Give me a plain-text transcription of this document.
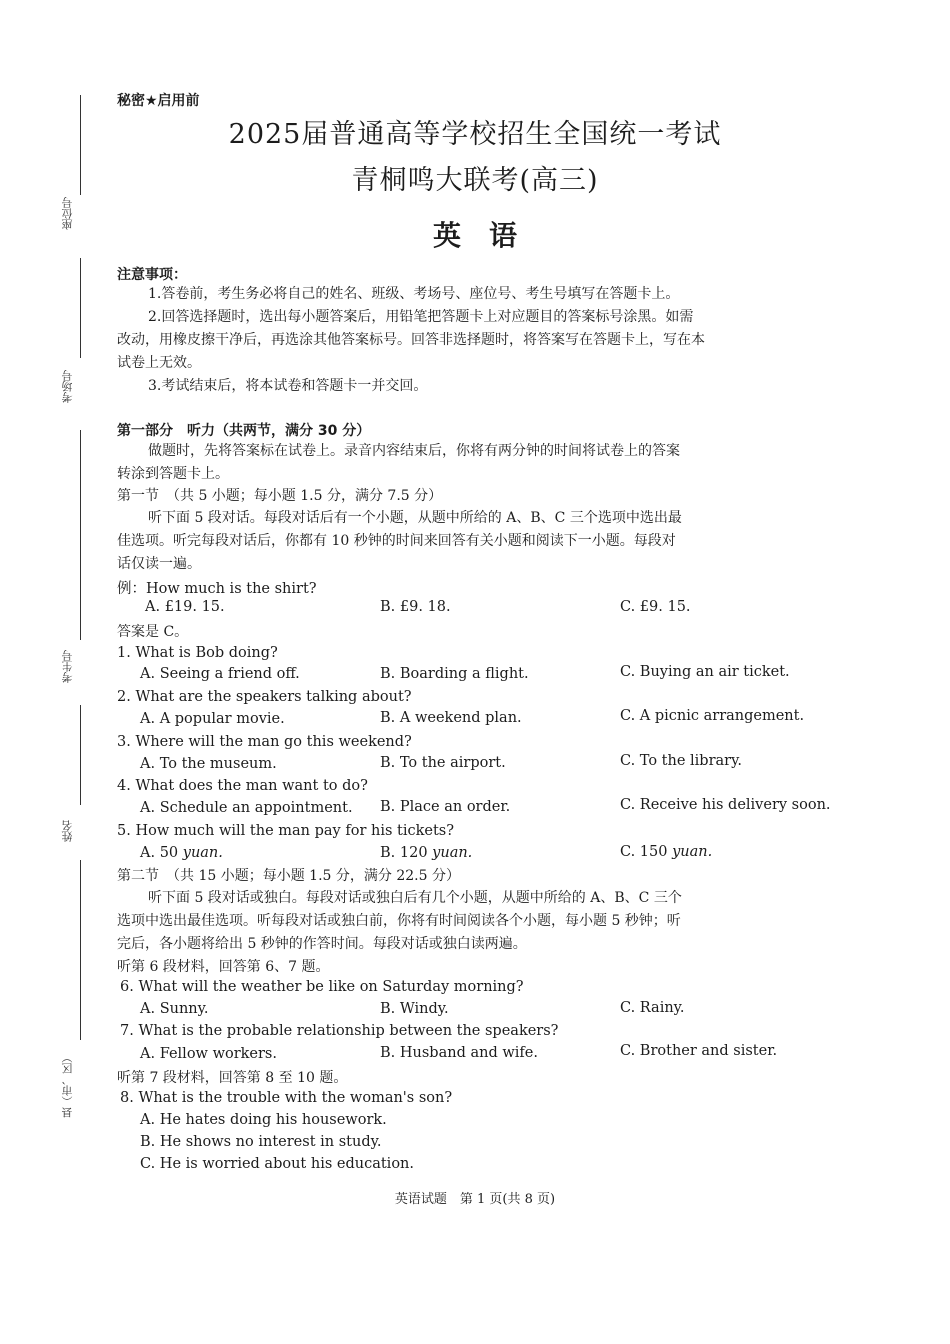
座位号
考场号
考生号
姓名
县（市、区）
秘密★启用前
2025届普通高等学校招生全国统一考试
青桐鸣大联考(高三)
英语
注意事项：
1.答卷前，考生务必将自己的姓名、班级、考场号、座位号、考生号填写在答题卡上。
2.回答选择题时，选出每小题答案后，用铅笔把答题卡上对应题目的答案标号涂黑。如需
改动，用橡皮擦干净后，再选涂其他答案标号。回答非选择题时，将答案写在答题卡上，写在本
试卷上无效。
3.考试结束后，将本试卷和答题卡一并交回。
第一部分　听力（共两节，满分 30 分）
做题时，先将答案标在试卷上。录音内容结束后，你将有两分钟的时间将试卷上的答案
转涂到答题卡上。
第一节　（共 5 小题；每小题 1.5 分，满分 7.5 分）
听下面 5 段对话。每段对话后有一个小题，从题中所给的 A、B、C 三个选项中选出最
佳选项。听完每段对话后，你都有 10 秒钟的时间来回答有关小题和阅读下一小题。每段对
话仅读一遍。
例：How much is the shirt?
A. £19. 15.	B. £9. 18.	C. £9. 15.
答案是 C。
1. What is Bob doing?
A. Seeing a friend off.	B. Boarding a flight.	C. Buying an air ticket.
2. What are the speakers talking about?
A. A popular movie.	B. A weekend plan.	C. A picnic arrangement.
3. Where will the man go this weekend?
A. To the museum.	B. To the airport.	C. To the library.
4. What does the man want to do?
A. Schedule an appointment. B. Place an order.	C. Receive his delivery soon.
5. How much will the man pay for his tickets?
A. 50 yuan.	B. 120 yuan.	C. 150 yuan.
第二节　（共 15 小题；每小题 1.5 分，满分 22.5 分）
听下面 5 段对话或独白。每段对话或独白后有几个小题，从题中所给的 A、B、C 三个
选项中选出最佳选项。听每段对话或独白前，你将有时间阅读各个小题，每小题 5 秒钟；听
完后，各小题将给出 5 秒钟的作答时间。每段对话或独白读两遍。
听第 6 段材料，回答第 6、7 题。
6. What will the weather be like on Saturday morning?
A. Sunny.	B. Windy.	C. Rainy.
7. What is the probable relationship between the speakers?
A. Fellow workers.	B. Husband and wife.	C. Brother and sister.
听第 7 段材料，回答第 8 至 10 题。
8. What is the trouble with the woman's son?
A. He hates doing his housework.
B. He shows no interest in study.
C. He is worried about his education.
英语试题　第 1 页(共 8 页)
